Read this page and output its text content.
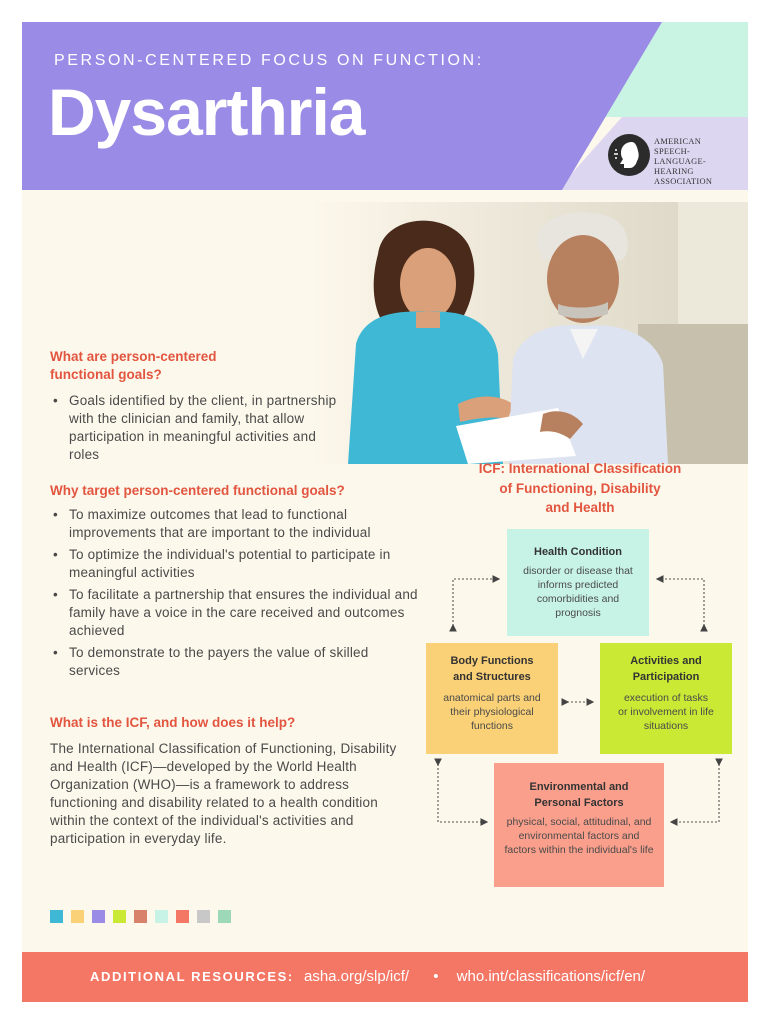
PERSON-CENTERED FOCUS ON FUNCTION:
Dysarthria	AMERICAN
SPEECH-LANGUAGE-
HEARING
ASSOCIATION
What are person-centered
functional goals?
• Goals identified by the client, in partnership with the clinician and family, that allow participation in meaningful activities and roles
Why target person-centered functional goals?
• To maximize outcomes that lead to functional improvements that are important to the individual
• To optimize the individual's potential to participate in meaningful activities
• To facilitate a partnership that ensures the individual and family have a voice in the care received and outcomes achieved
• To demonstrate to the payers the value of skilled services
What is the ICF, and how does it help?
The International Classification of Functioning, Disability and Health (ICF)—developed by the World Health Organization (WHO)—is a framework to address functioning and disability related to a health condition within the context of the individual's activities and participation in everyday life.
ICF: International Classification
of Functioning, Disability
and Health
Health Condition
disorder or disease that informs predicted comorbidities and prognosis
Body Functions
and Structures
anatomical parts and their physiological functions
Activities and
Participation
execution of tasks or involvement in life situations
Environmental and
Personal Factors
physical, social, attitudinal, and environmental factors and factors within the individual's life
ADDITIONAL RESOURCES: asha.org/slp/icf/ • who.int/classifications/icf/en/
